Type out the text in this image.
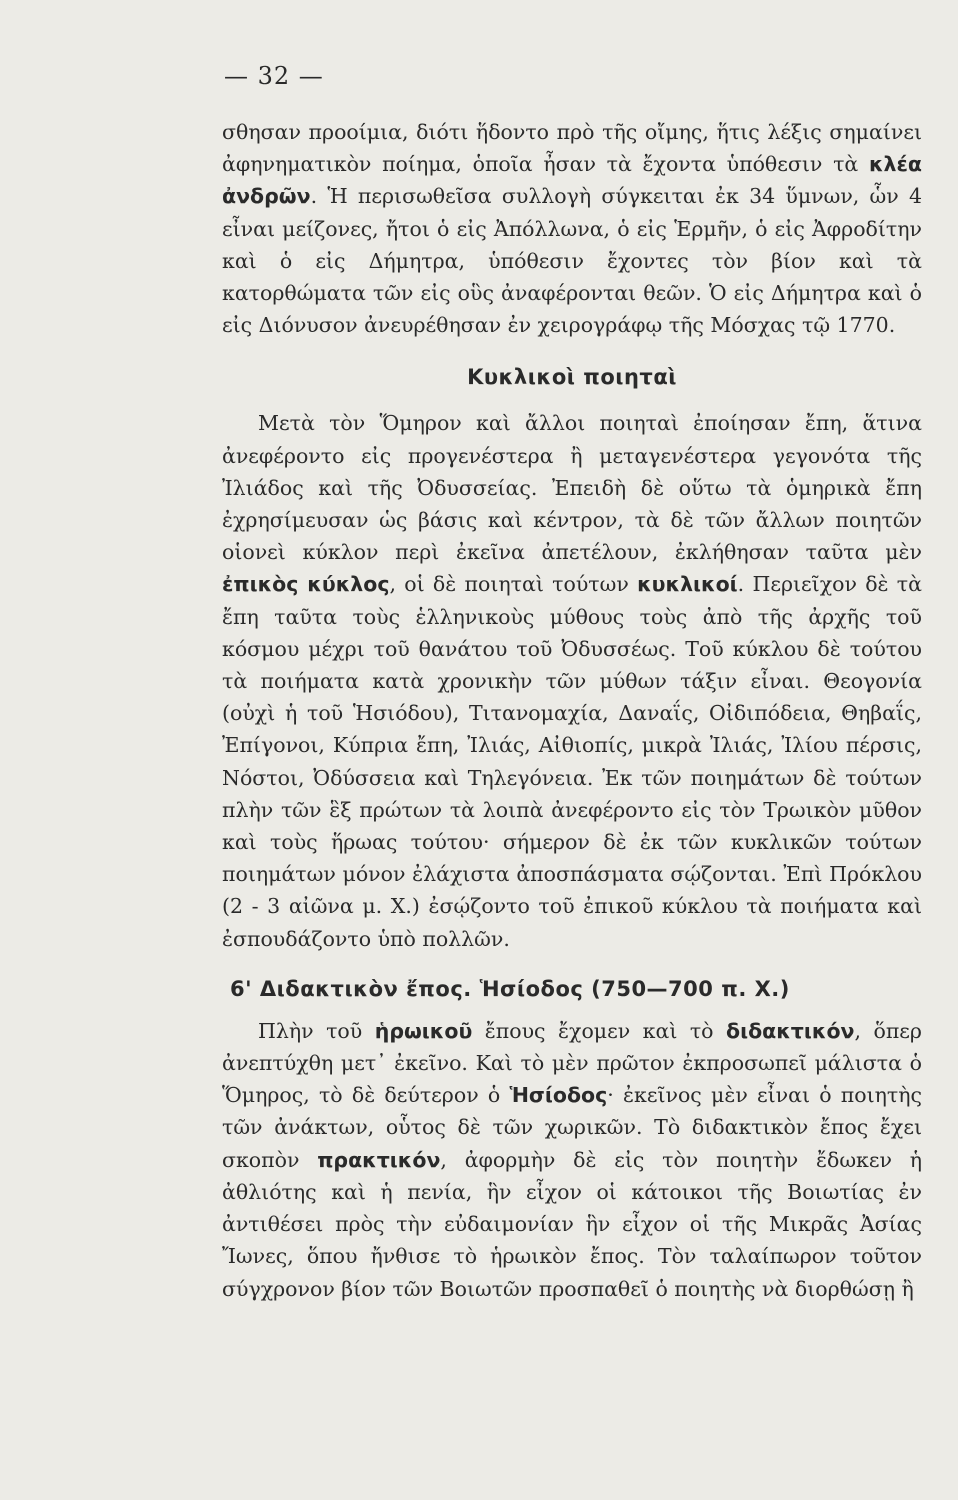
— 32 —

σθησαν προοίμια, διότι ἥδοντο πρὸ τῆς οἴμης, ἥτις λέξις σημαίνει ἀφηνηματικὸν ποίημα, ὁποῖα ἦσαν τὰ ἔχοντα ὑπόθεσιν τὰ κλέα ἀνδρῶν. Ἡ περισωθεῖσα συλλογὴ σύγκειται ἐκ 34 ὕμνων, ὧν 4 εἶναι μείζονες, ἤτοι ὁ εἰς Ἀπόλλωνα, ὁ εἰς Ἑρμῆν, ὁ εἰς Ἀφροδίτην καὶ ὁ εἰς Δήμητρα, ὑπόθεσιν ἔχοντες τὸν βίον καὶ τὰ κατορθώματα τῶν εἰς οὓς ἀναφέρονται θεῶν. Ὁ εἰς Δήμητρα καὶ ὁ εἰς Διόνυσον ἀνευρέθησαν ἐν χειρογράφῳ τῆς Μόσχας τῷ 1770.

Κυκλικοὶ ποιηταὶ

Μετὰ τὸν Ὅμηρον καὶ ἄλλοι ποιηταὶ ἐποίησαν ἔπη, ἅτινα ἀνεφέροντο εἰς προγενέστερα ἢ μεταγενέστερα γεγονότα τῆς Ἰλιάδος καὶ τῆς Ὀδυσσείας. Ἐπειδὴ δὲ οὕτω τὰ ὁμηρικὰ ἔπη ἐχρησίμευσαν ὡς βάσις καὶ κέντρον, τὰ δὲ τῶν ἄλλων ποιητῶν οἱονεὶ κύκλον περὶ ἐκεῖνα ἀπετέλουν, ἐκλήθησαν ταῦτα μὲν ἐπικὸς κύκλος, οἱ δὲ ποιηταὶ τούτων κυκλικοί. Περιεῖχον δὲ τὰ ἔπη ταῦτα τοὺς ἑλληνικοὺς μύθους τοὺς ἀπὸ τῆς ἀρχῆς τοῦ κόσμου μέχρι τοῦ θανάτου τοῦ Ὀδυσσέως. Τοῦ κύκλου δὲ τούτου τὰ ποιήματα κατὰ χρονικὴν τῶν μύθων τάξιν εἶναι. Θεογονία (οὐχὶ ἡ τοῦ Ἡσιόδου), Τιτανομαχία, Δαναΐς, Οἰδιπόδεια, Θηβαΐς, Ἐπίγονοι, Κύπρια ἔπη, Ἰλιάς, Αἰθιοπίς, μικρὰ Ἰλιάς, Ἰλίου πέρσις, Νόστοι, Ὀδύσσεια καὶ Τηλεγόνεια. Ἐκ τῶν ποιημάτων δὲ τούτων πλὴν τῶν ἓξ πρώτων τὰ λοιπὰ ἀνεφέροντο εἰς τὸν Τρωικὸν μῦθον καὶ τοὺς ἥρωας τούτου· σήμερον δὲ ἐκ τῶν κυκλικῶν τούτων ποιημάτων μόνον ἐλάχιστα ἀποσπάσματα σῴζονται. Ἐπὶ Πρόκλου (2 - 3 αἰῶνα μ. Χ.) ἐσῴζοντο τοῦ ἐπικοῦ κύκλου τὰ ποιήματα καὶ ἐσπουδάζοντο ὑπὸ πολλῶν.

6' Διδακτικὸν ἔπος. Ἡσίοδος (750—700 π. Χ.)

Πλὴν τοῦ ἡρωικοῦ ἔπους ἔχομεν καὶ τὸ διδακτικόν, ὅπερ ἀνεπτύχθη μετ᾽ ἐκεῖνο. Καὶ τὸ μὲν πρῶτον ἐκπροσωπεῖ μάλιστα ὁ Ὅμηρος, τὸ δὲ δεύτερον ὁ Ἡσίοδος· ἐκεῖνος μὲν εἶναι ὁ ποιητὴς τῶν ἀνάκτων, οὗτος δὲ τῶν χωρικῶν. Τὸ διδακτικὸν ἔπος ἔχει σκοπὸν πρακτικόν, ἀφορμὴν δὲ εἰς τὸν ποιητὴν ἔδωκεν ἡ ἀθλιότης καὶ ἡ πενία, ἣν εἶχον οἱ κάτοικοι τῆς Βοιωτίας ἐν ἀντιθέσει πρὸς τὴν εὐδαιμονίαν ἣν εἶχον οἱ τῆς Μικρᾶς Ἀσίας Ἴωνες, ὅπου ἤνθισε τὸ ἡρωικὸν ἔπος. Τὸν ταλαίπωρον τοῦτον σύγχρονον βίον τῶν Βοιωτῶν προσπαθεῖ ὁ ποιητὴς νὰ διορθώσῃ ἢ
